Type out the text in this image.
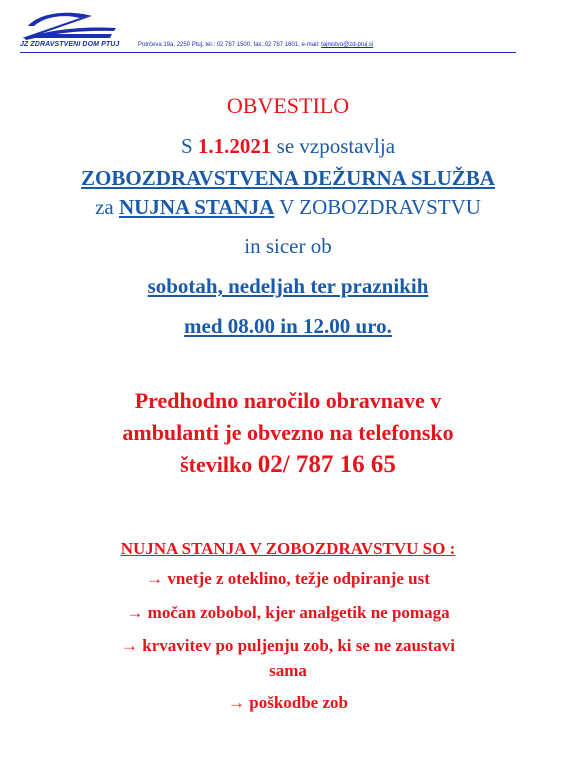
JZ ZDRAVSTVENI DOM PTUJ	Potrčeva 19a, 2250 Ptuj, tel.: 02 787 1500, fax.:02 787 1601, e-mail: tajnistvo@zd-ptuj.si
OBVESTILO
S 1.1.2021 se vzpostavlja
ZOBOZDRAVSTVENA DEŽURNA SLUŽBA
za NUJNA STANJA V ZOBOZDRAVSTVU
in sicer ob
sobotah, nedeljah ter praznikih
med 08.00 in 12.00 uro.
Predhodno naročilo obravnave v
ambulanti je obvezno na telefonsko
številko 02/ 787 16 65
NUJNA STANJA V ZOBOZDRAVSTVU SO :
→ vnetje z oteklino, težje odpiranje ust
→ močan zobobol, kjer analgetik ne pomaga
→ krvavitev po puljenju zob, ki se ne zaustavi
sama
→ poškodbe zob
